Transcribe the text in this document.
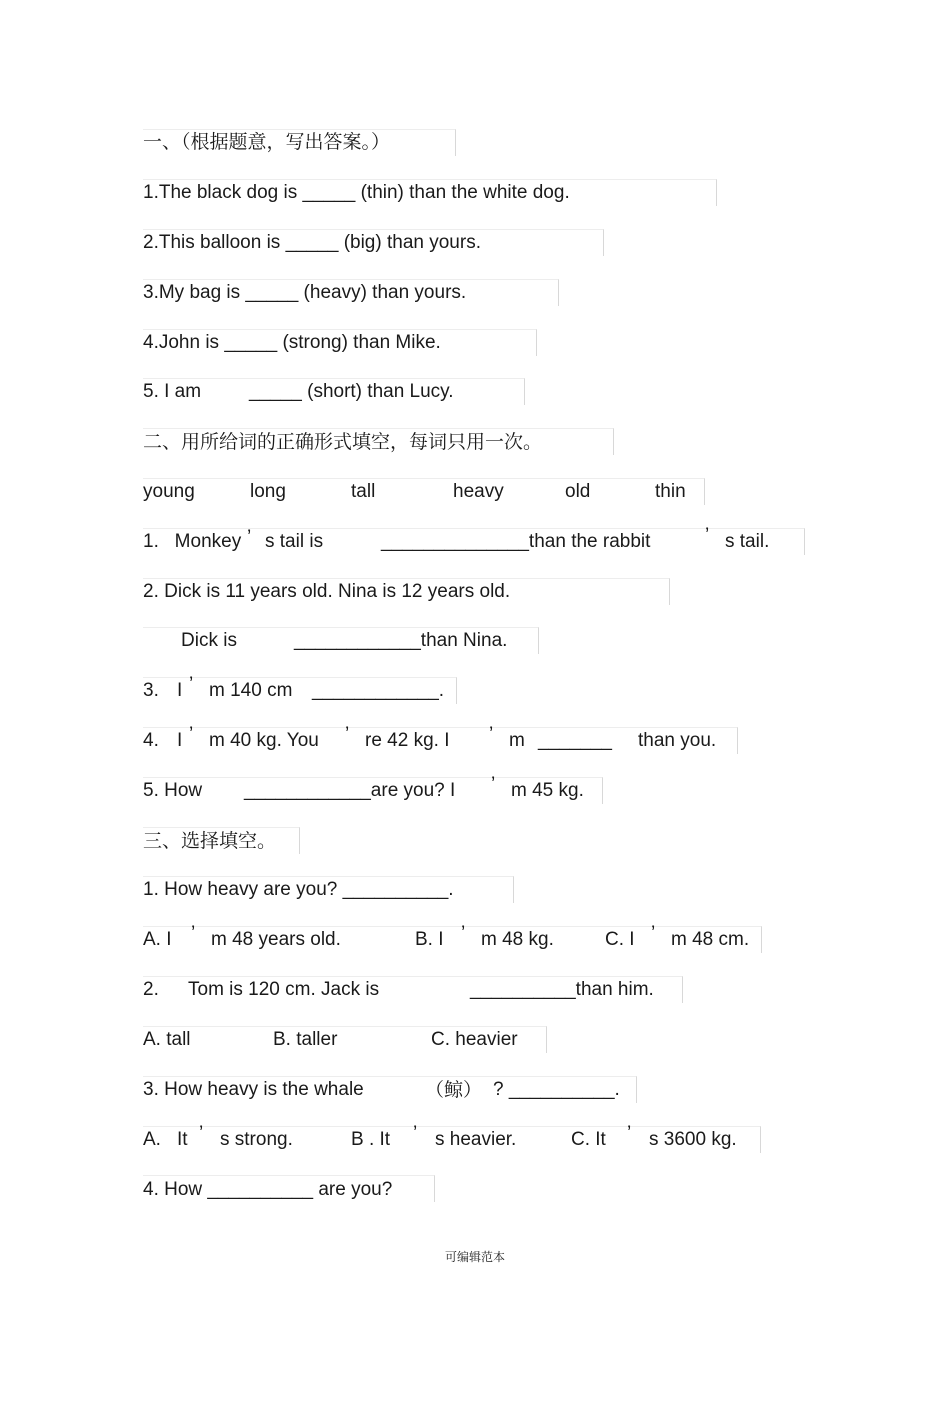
一、（根据题意，写出答案。）
1.The black dog is _____ (thin) than the white dog.
2.This balloon is _____ (big) than yours.
3.My bag is _____ (heavy) than yours.
4.John is _____ (strong) than Mike.

5. I am

	_____ (short) than Lucy.

二、用所给词的正确形式填空，每词只用一次。

young

	long

	tall

	heavy

	old

	thin

1.   Monkey

’

s tail is

	______________than the rabbit

	’

s tail.

2. Dick is 11 years old. Nina is 12 years old.

Dick is

	____________than Nina.

3.

I

’

m 140 cm

____________.

4.

I

’

m 40 kg. You

’

re 42 kg. I

’

m

_______

than you.

5. How

____________are you? I

’

m 45 kg.

三、选择填空。
1. How heavy are you? __________.

A. I

’

m 48 years old.

	B. I

’

m 48 kg.

	C. I

’

m 48 cm.

2.

Tom is 120 cm. Jack is

	__________than him.

A. tall

	B. taller

	C. heavier

3. How heavy is the whale

	（鲸）

? __________.

A.

It

’

s strong.

	B . It

’

s heavier.

	C. It

’

s 3600 kg.

4. How __________ are you?
可编辑范本
